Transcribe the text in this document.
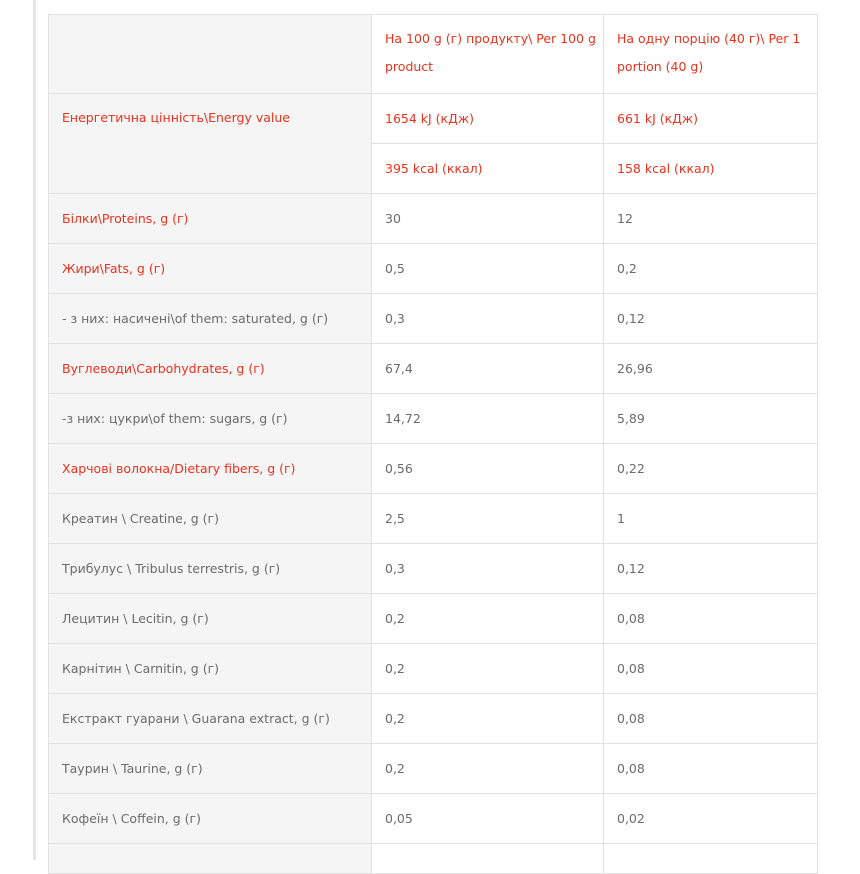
	На 100 g (г) продукту\ Per 100 g product	На одну порцію (40 г)\ Per 1 portion (40 g)
Енергетична цінність\Energy value	1654 kJ (кДж)	661 kJ (кДж)
	395 kcal (ккал)	158 kcal (ккал)
Білки\Proteins, g (г)	30	12
Жири\Fats, g (г)	0,5	0,2
- з них: насичені\of them: saturated, g (г)	0,3	0,12
Вуглеводи\Carbohydrates, g (г)	67,4	26,96
-з них: цукри\of them: sugars, g (г)	14,72	5,89
Харчові волокна/Dietary fibers, g (г)	0,56	0,22
Креатин \ Creatine, g (г)	2,5	1
Трибулус \ Tribulus terrestris, g (г)	0,3	0,12
Лецитин \ Lecitin, g (г)	0,2	0,08
Карнітин \ Carnitin, g (г)	0,2	0,08
Екстракт гуарани \ Guarana extract, g (г)	0,2	0,08
Таурин \ Taurine, g (г)	0,2	0,08
Кофеїн \ Coffein, g (г)	0,05	0,02
